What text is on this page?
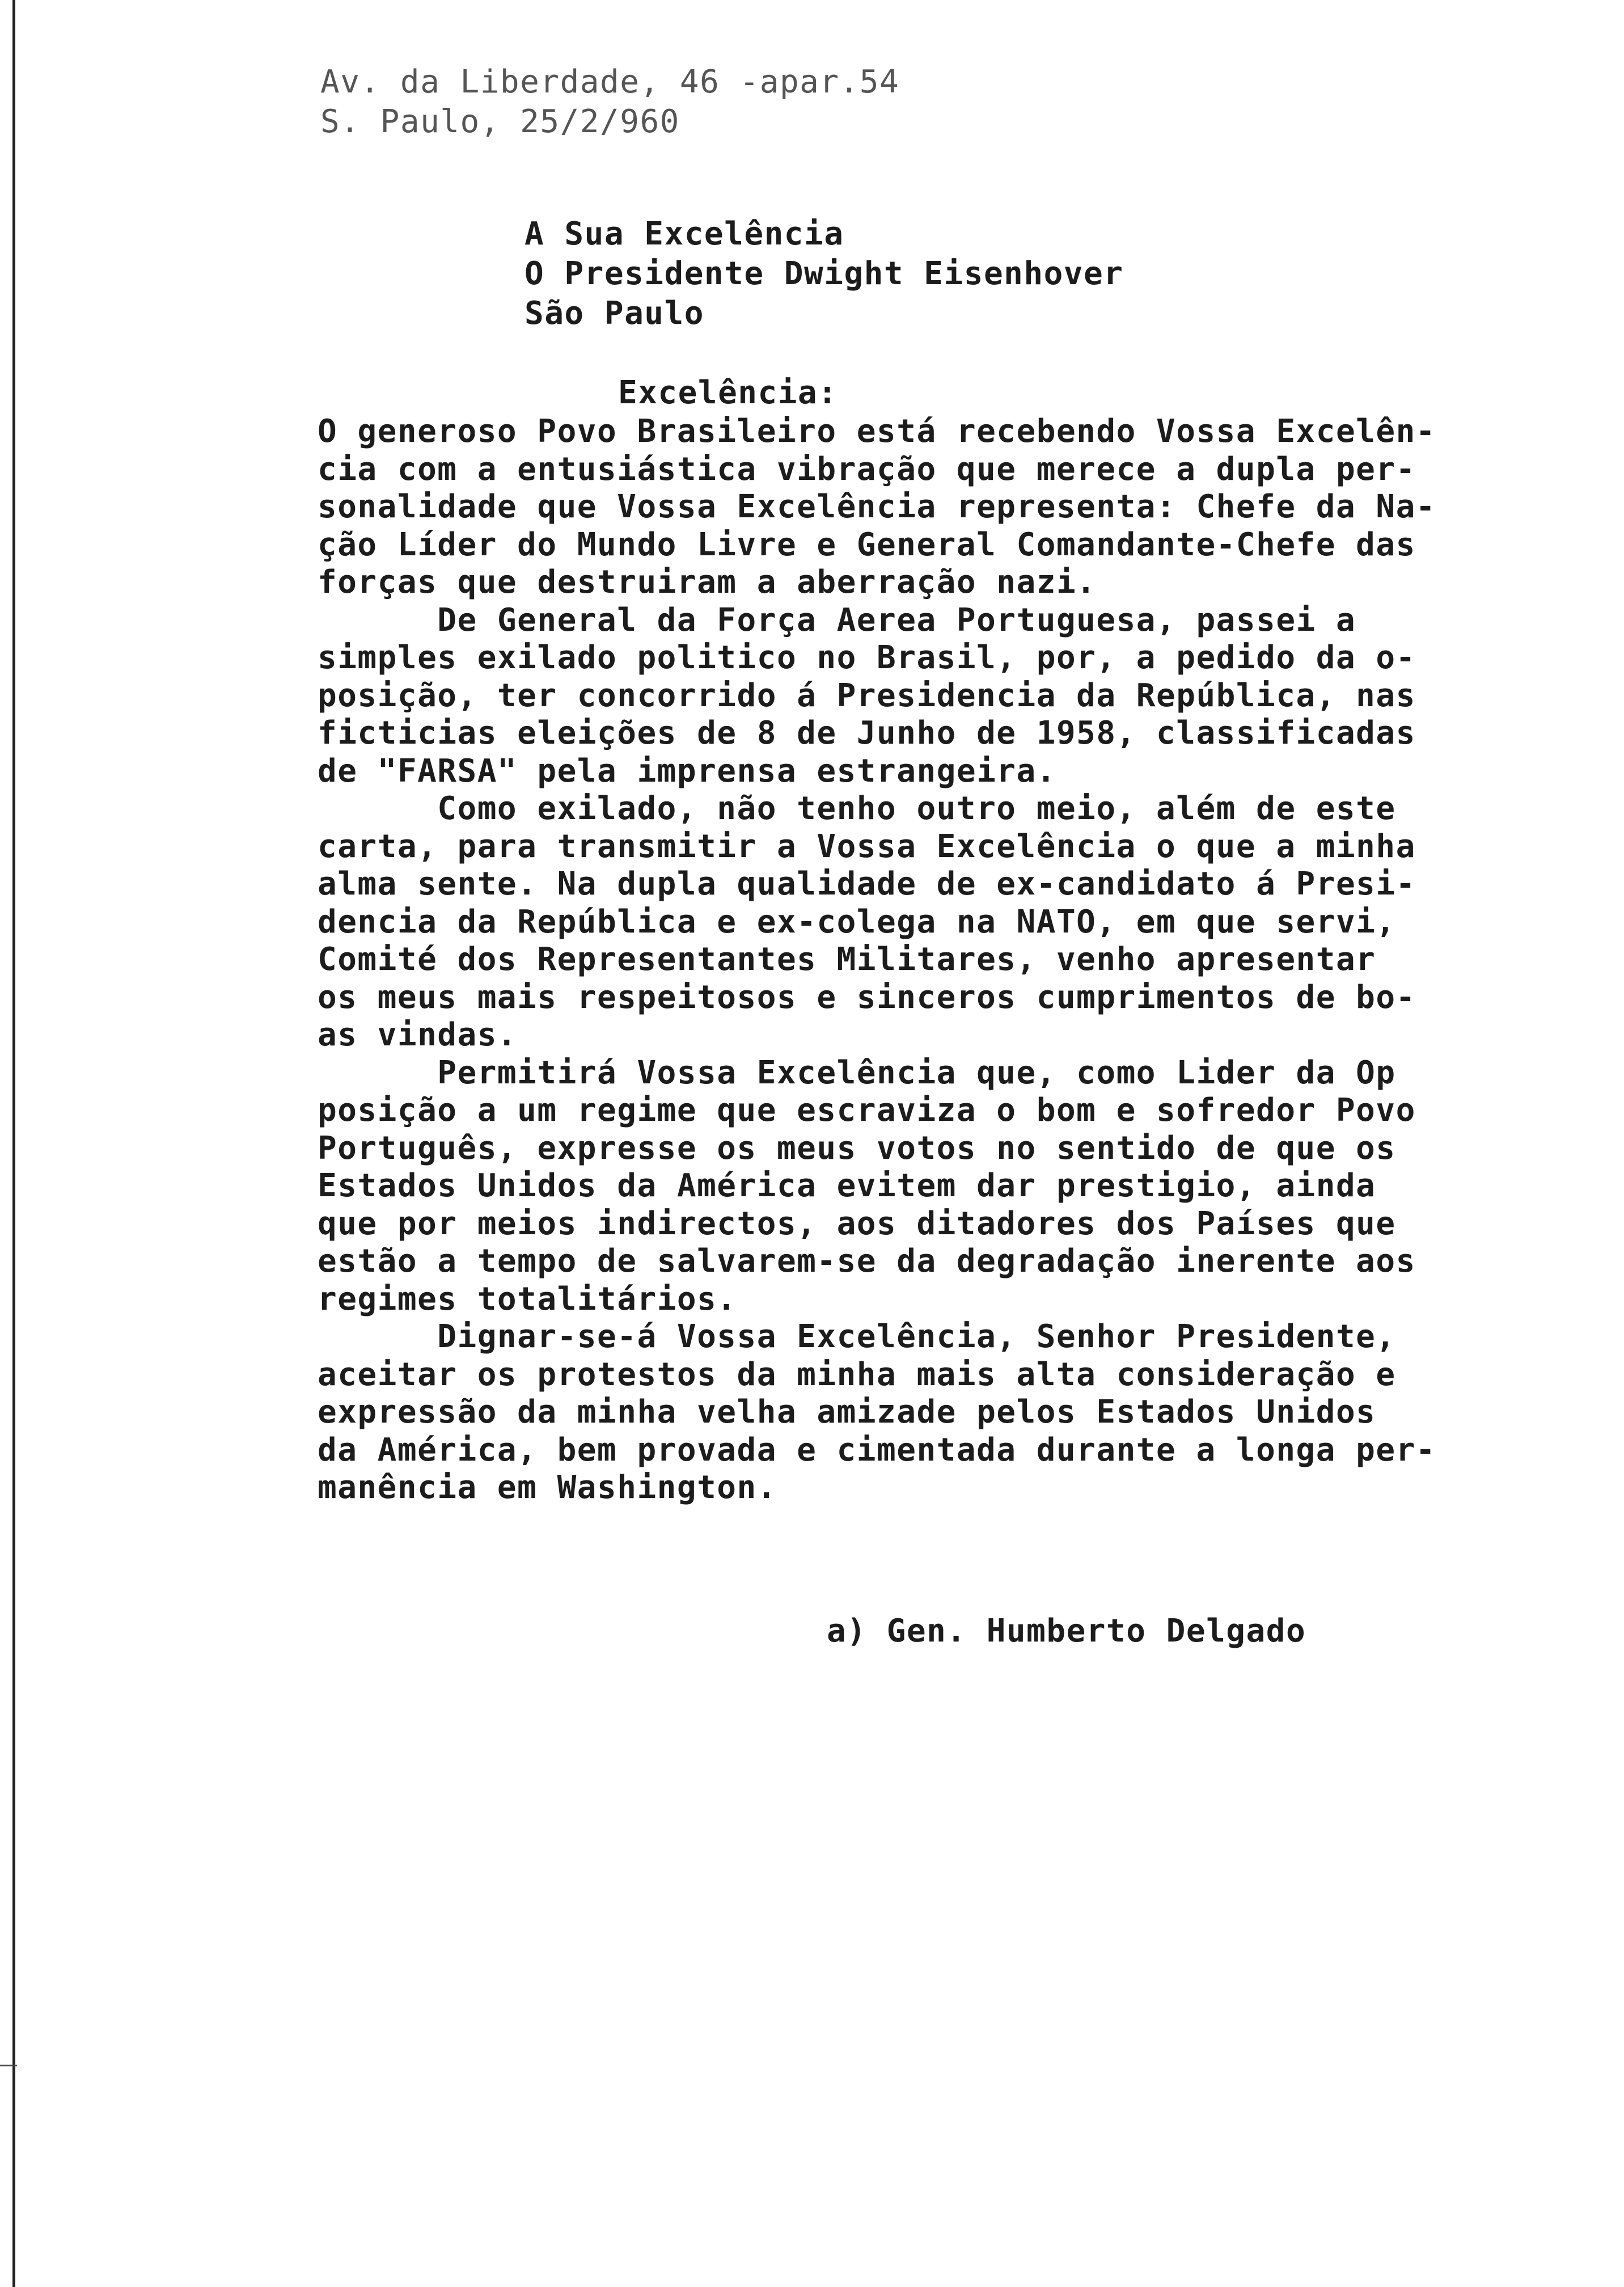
Av. da Liberdade, 46 -apar.54
S. Paulo, 25/2/960
A Sua Excelência
O Presidente Dwight Eisenhover
São Paulo
Excelência:
O generoso Povo Brasileiro está recebendo Vossa Excelên-
cia com a entusiástica vibração que merece a dupla per-
sonalidade que Vossa Excelência representa: Chefe da Na-
ção Líder do Mundo Livre e General Comandante-Chefe das
forças que destruiram a aberração nazi.
De General da Força Aerea Portuguesa, passei a
simples exilado politico no Brasil, por, a pedido da o-
posição, ter concorrido á Presidencia da República, nas
ficticias eleições de 8 de Junho de 1958, classificadas
de "FARSA" pela imprensa estrangeira.
Como exilado, não tenho outro meio, além de este
carta, para transmitir a Vossa Excelência o que a minha
alma sente. Na dupla qualidade de ex-candidato á Presi-
dencia da República e ex-colega na NATO, em que servi,
Comité dos Representantes Militares, venho apresentar
os meus mais respeitosos e sinceros cumprimentos de bo-
as vindas.
Permitirá Vossa Excelência que, como Lider da Op
posição a um regime que escraviza o bom e sofredor Povo
Português, expresse os meus votos no sentido de que os
Estados Unidos da América evitem dar prestigio, ainda
que por meios indirectos, aos ditadores dos Países que
estão a tempo de salvarem-se da degradação inerente aos
regimes totalitários.
Dignar-se-á Vossa Excelência, Senhor Presidente,
aceitar os protestos da minha mais alta consideração e
expressão da minha velha amizade pelos Estados Unidos
da América, bem provada e cimentada durante a longa per-
manência em Washington.
a) Gen. Humberto Delgado
